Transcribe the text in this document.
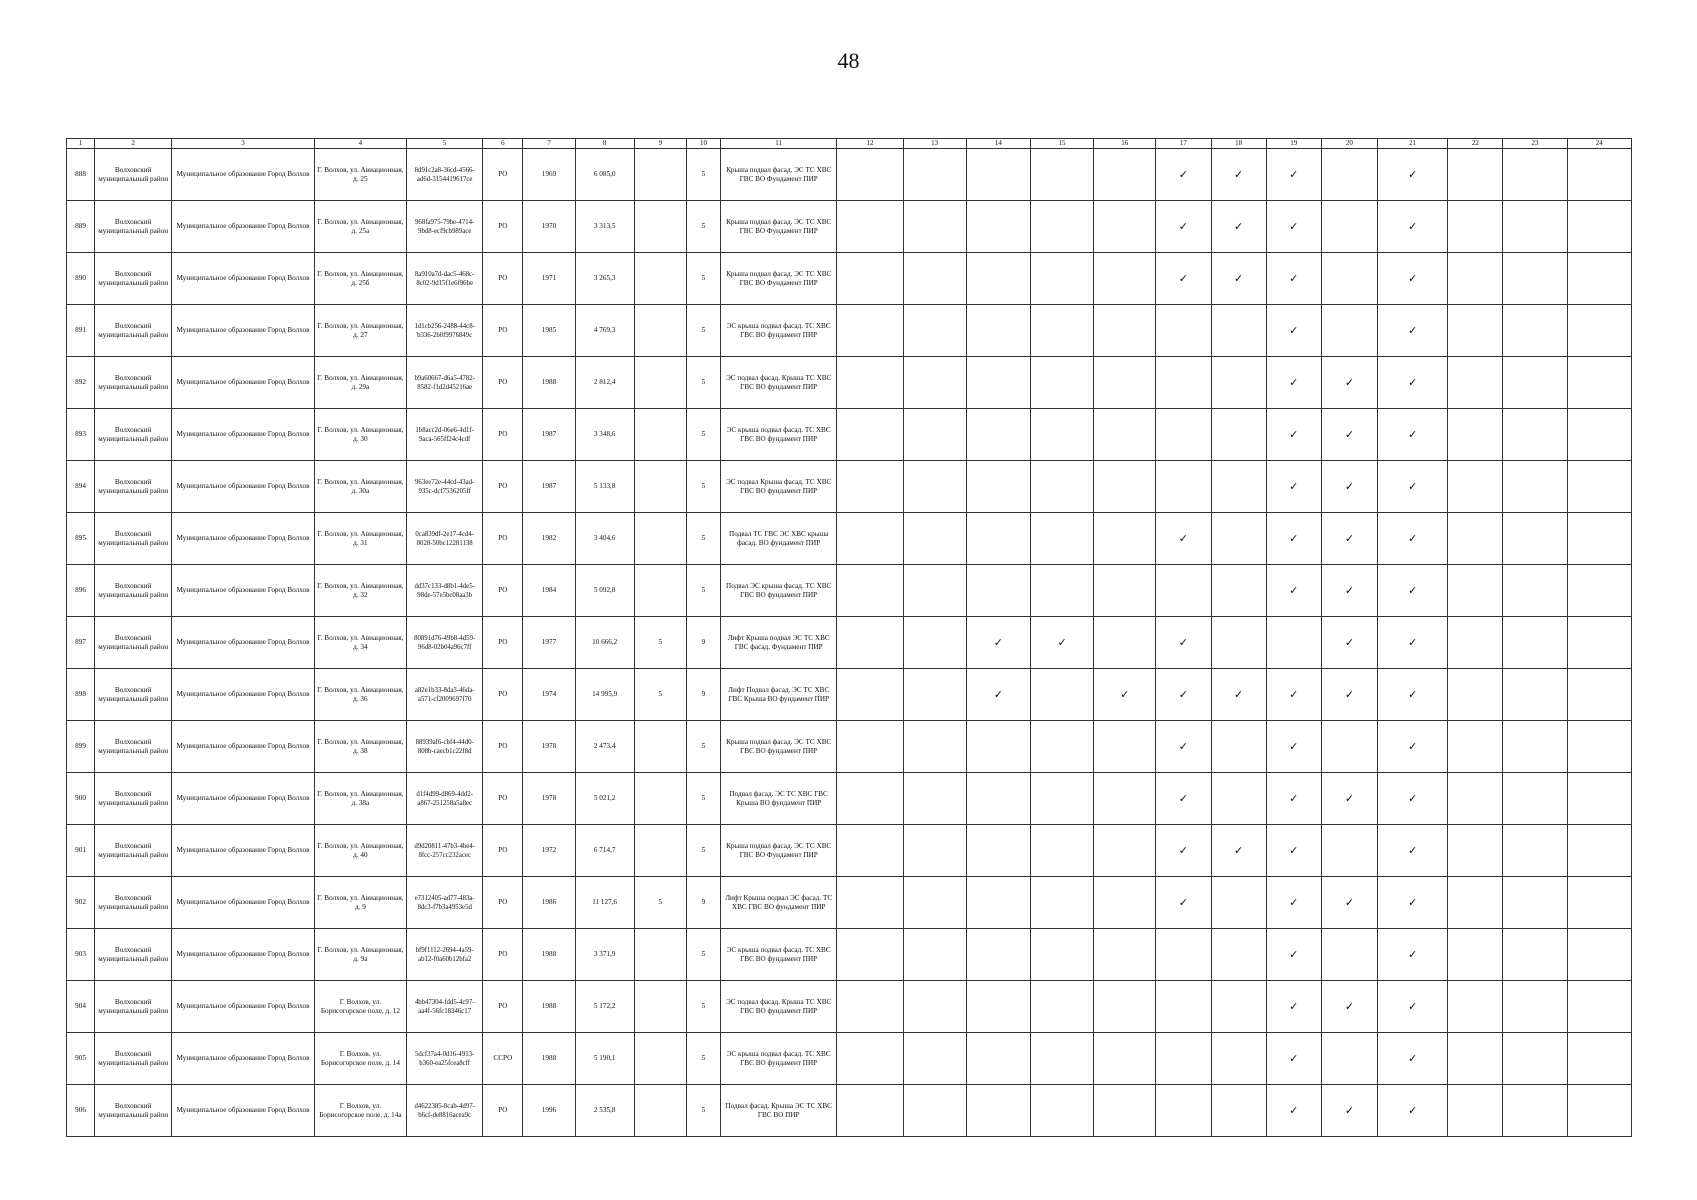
48
1	2	3	4	5	6	7	8	9	10	11	12	13	14	15	16	17	18	19	20	21	22	23	24
888	Волховский муниципальный район	Муниципальное образование Город Волхов	Г. Волхов, ул. Авиационная, д. 25	8d91c2a8-36cd-4566-ad6d-3154419617ce	РО	1969	6 085,0		5	Крыша подвал фасад. ЭС ТС ХВС ГВС ВО Фундамент ПИР						✓	✓	✓		✓			
889	Волховский муниципальный район	Муниципальное образование Город Волхов	Г. Волхов, ул. Авиационная, д. 25а	968fa975-79be-4714-9bd8-ecf9cb989ace	РО	1970	3 313,5		5	Крыша подвал фасад. ЭС ТС ХВС ГВС ВО Фундамент ПИР						✓	✓	✓		✓			
890	Волховский муниципальный район	Муниципальное образование Город Волхов	Г. Волхов, ул. Авиационная, д. 25б	8a910a7d-dac5-468c-8c02-9d15f1e6f96be	РО	1971	3 265,3		5	Крыша подвал фасад. ЭС ТС ХВС ГВС ВО Фундамент ПИР						✓	✓	✓		✓			
891	Волховский муниципальный район	Муниципальное образование Город Волхов	Г. Волхов, ул. Авиационная, д. 27	1d1cb256-2488-44c8-b336-2b0f9976849c	РО	1985	4 769,3		5	ЭС крыша подвал фасад. ТС ХВС ГВС ВО фундамент ПИР								✓		✓			
892	Волховский муниципальный район	Муниципальное образование Город Волхов	Г. Волхов, ул. Авиационная, д. 29а	b9a60667-d6a5-4782-8582-f1d2d45216ae	РО	1988	2 812,4		5	ЭС подвал фасад. Крыша ТС ХВС ГВС ВО фундамент ПИР								✓	✓	✓			
893	Волховский муниципальный район	Муниципальное образование Город Волхов	Г. Волхов, ул. Авиационная, д. 30	1b8acc2d-06e6-4d1f-9aca-565ff24c4cdf	РО	1987	3 348,6		5	ЭС крыша подвал фасад. ТС ХВС ГВС ВО фундамент ПИР								✓	✓	✓			
894	Волховский муниципальный район	Муниципальное образование Город Волхов	Г. Волхов, ул. Авиационная, д. 30а	963ee72e-44cd-43ad-935c-dcf7536205ff	РО	1987	5 133,8		5	ЭС подвал Крыша фасад. ТС ХВС ГВС ВО фундамент ПИР								✓	✓	✓			
895	Волховский муниципальный район	Муниципальное образование Город Волхов	Г. Волхов, ул. Авиационная, д. 31	0ca839df-2e17-4cd4-8028-50bc12281138	РО	1982	3 404,6		5	Подвал ТС ГВС ЭС ХВС крыша фасад. ВО фундамент ПИР						✓		✓	✓	✓			
896	Волховский муниципальный район	Муниципальное образование Город Волхов	Г. Волхов, ул. Авиационная, д. 32	dd37c133-d8b1-4de5-98de-57e5bc08aa3b	РО	1984	5 092,8		5	Подвал ЭС крыша фасад. ТС ХВС ГВС ВО фундамент ПИР								✓	✓	✓			
897	Волховский муниципальный район	Муниципальное образование Город Волхов	Г. Волхов, ул. Авиационная, д. 34	80891d76-49b8-4d59-96d8-02b04a96c7ff	РО	1977	10 666,2	5	9	Лифт Крыша подвал ЭС ТС ХВС ГВС фасад. Фундамент ПИР			✓	✓		✓			✓	✓			
898	Волховский муниципальный район	Муниципальное образование Город Волхов	Г. Волхов, ул. Авиационная, д. 36	a82e1b33-8da3-46da-a571-cf2009697f70	РО	1974	14 995,9	5	9	Лифт Подвал фасад. ЭС ТС ХВС ГВС Крыша ВО фундамент ПИР			✓		✓	✓	✓	✓	✓	✓			
899	Волховский муниципальный район	Муниципальное образование Город Волхов	Г. Волхов, ул. Авиационная, д. 38	88939af6-cbf4-44d0-808b-caecb1c22f8d	РО	1978	2 473,4		5	Крыша подвал фасад. ЭС ТС ХВС ГВС ВО фундамент ПИР						✓		✓		✓			
900	Волховский муниципальный район	Муниципальное образование Город Волхов	Г. Волхов, ул. Авиационная, д. 38а	d1f4d99-d869-4dd2-a867-251258a5a8ec	РО	1978	5 021,2		5	Подвал фасад. ЭС ТС ХВС ГВС Крыша ВО фундамент ПИР						✓		✓	✓	✓			
901	Волховский муниципальный район	Муниципальное образование Город Волхов	Г. Волхов, ул. Авиационная, д. 40	d9d20811-47b3-4be4-8fcc-257cc232acec	РО	1972	6 714,7		5	Крыша подвал фасад. ЭС ТС ХВС ГВС ВО Фундамент ПИР						✓	✓	✓		✓			
902	Волховский муниципальный район	Муниципальное образование Город Волхов	Г. Волхов, ул. Авиационная, д. 9	e7312405-ad77-483a-8dc3-f7b3a4953e5d	РО	1986	11 127,6	5	9	Лифт Крыша подвал ЭС фасад. ТС ХВС ГВС ВО фундамент ПИР						✓		✓	✓	✓			
903	Волховский муниципальный район	Муниципальное образование Город Волхов	Г. Волхов, ул. Авиационная, д. 9а	bf9f1112-2694-4a59-ab12-f0a60b12bfa2	РО	1988	3 371,9		5	ЭС крыша подвал фасад. ТС ХВС ГВС ВО фундамент ПИР								✓		✓			
904	Волховский муниципальный район	Муниципальное образование Город Волхов	Г. Волхов, ул. Борисогорское поле, д. 12	4bb47304-fdd5-4c97-aa4f-56fc18346c17	РО	1988	5 172,2		5	ЭС подвал фасад. Крыша ТС ХВС ГВС ВО фундамент ПИР								✓	✓	✓			
905	Волховский муниципальный район	Муниципальное образование Город Волхов	Г. Волхов, ул. Борисогорское поле, д. 14	5dcf37a4-0d16-4913-b360-ea25fcea8cff	ССРО	1988	5 190,1		5	ЭС крыша подвал фасад. ТС ХВС ГВС ВО фундамент ПИР								✓		✓			
906	Волховский муниципальный район	Муниципальное образование Город Волхов	Г. Волхов, ул. Борисогорское поле, д. 14а	d4622385-8cab-4d97-b6cf-de8816acea9c	РО	1996	2 535,8		5	Подвал фасад. Крыша ЭС ТС ХВС ГВС ВО ПИР								✓	✓	✓			
